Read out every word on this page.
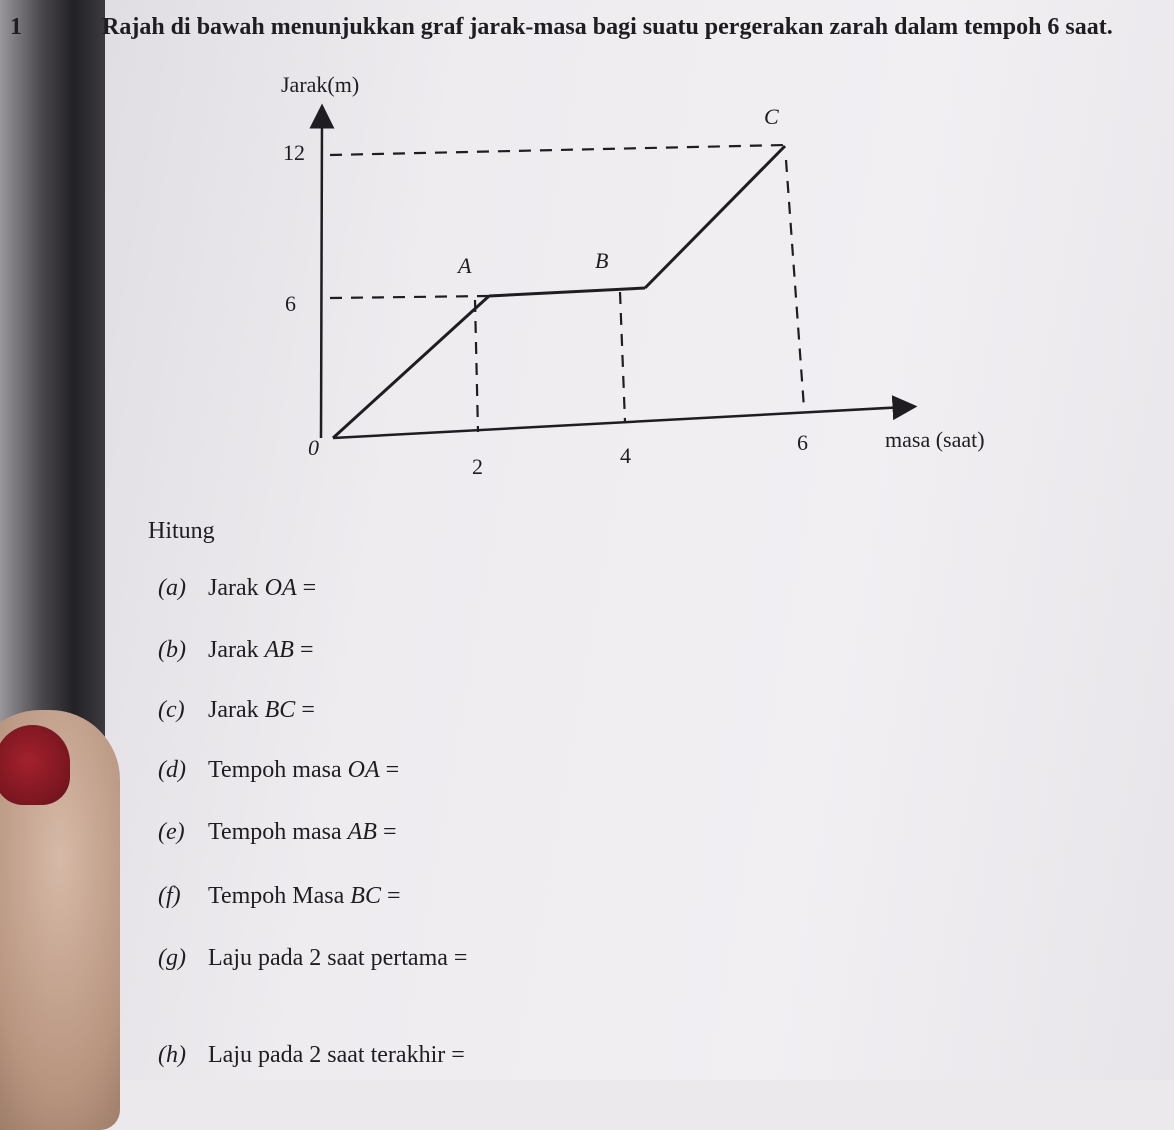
1	Rajah di bawah menunjukkan graf jarak-masa bagi suatu pergerakan zarah dalam tempoh 6 saat.
Jarak(m)
12
6
0
2	4
6	masa (saat)
A	B
C
Hitung
(a) Jarak OA =
(b) Jarak AB =
(c) Jarak BC =
(d) Tempoh masa OA =
(e) Tempoh masa AB =
(f) Tempoh Masa BC =
(g) Laju pada 2 saat pertama =
(h) Laju pada 2 saat terakhir =
